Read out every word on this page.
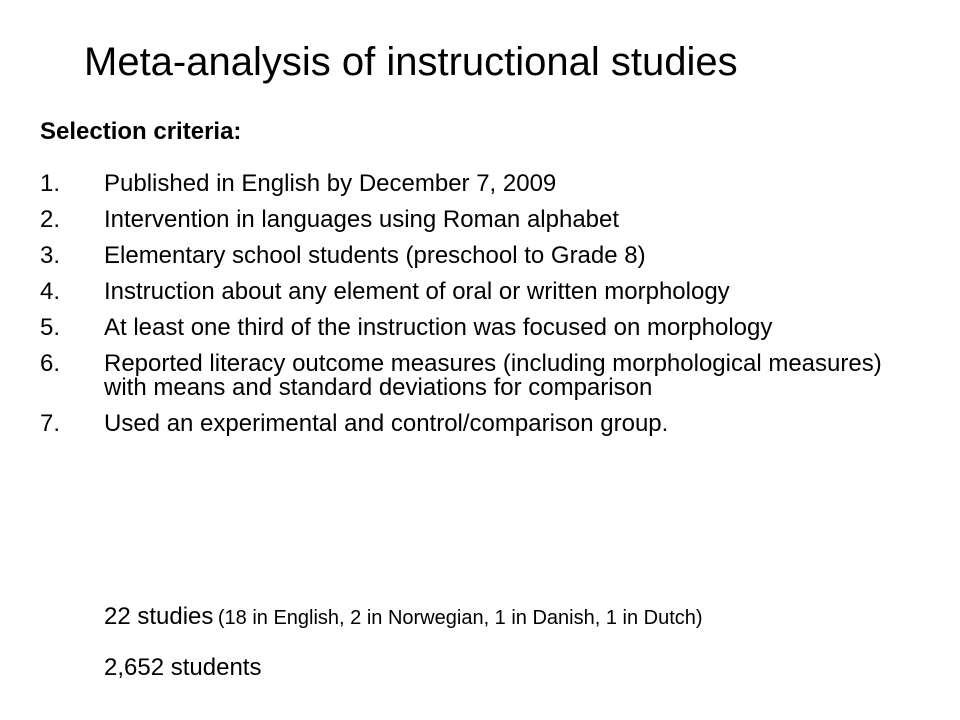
Meta-analysis of instructional studies
Selection criteria:
1. Published in English by December 7, 2009
2. Intervention in languages using Roman alphabet
3. Elementary school students (preschool to Grade 8)
4. Instruction about any element of oral or written morphology
5. At least one third of the instruction was focused on morphology
6. Reported literacy outcome measures (including morphological measures) with means and standard deviations for comparison
7. Used an experimental and control/comparison group.
22 studies (18 in English, 2 in Norwegian, 1 in Danish, 1 in Dutch)
2,652 students
